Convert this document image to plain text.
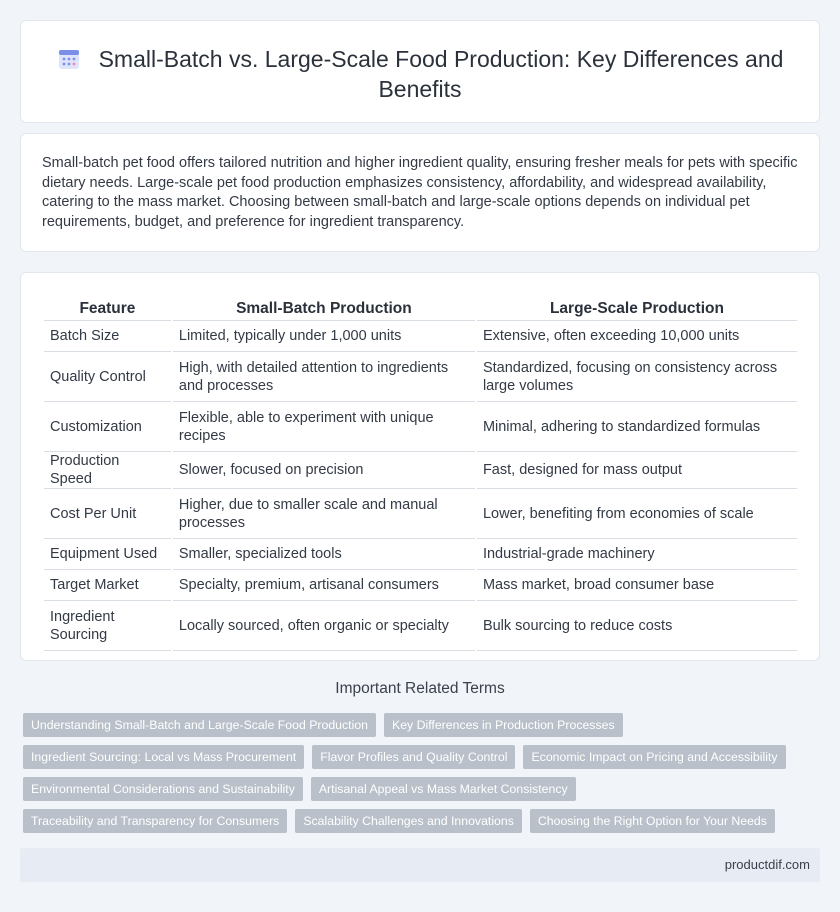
Small-Batch vs. Large-Scale Food Production: Key Differences and Benefits

Small-batch pet food offers tailored nutrition and higher ingredient quality, ensuring fresher meals for pets with specific dietary needs. Large-scale pet food production emphasizes consistency, affordability, and widespread availability, catering to the mass market. Choosing between small-batch and large-scale options depends on individual pet requirements, budget, and preference for ingredient transparency.

Feature	Small-Batch Production	Large-Scale Production
Batch Size	Limited, typically under 1,000 units	Extensive, often exceeding 10,000 units
Quality Control	High, with detailed attention to ingredients and processes	Standardized, focusing on consistency across large volumes
Customization	Flexible, able to experiment with unique recipes	Minimal, adhering to standardized formulas
Production Speed	Slower, focused on precision	Fast, designed for mass output
Cost Per Unit	Higher, due to smaller scale and manual processes	Lower, benefiting from economies of scale
Equipment Used	Smaller, specialized tools	Industrial-grade machinery
Target Market	Specialty, premium, artisanal consumers	Mass market, broad consumer base
Ingredient Sourcing	Locally sourced, often organic or specialty	Bulk sourcing to reduce costs
Important Related Terms
Understanding Small-Batch and Large-Scale Food Production	Key Differences in Production Processes
Ingredient Sourcing: Local vs Mass Procurement	Flavor Profiles and Quality Control	Economic Impact on Pricing and Accessibility
Environmental Considerations and Sustainability	Artisanal Appeal vs Mass Market Consistency
Traceability and Transparency for Consumers	Scalability Challenges and Innovations	Choosing the Right Option for Your Needs
productdif.com
